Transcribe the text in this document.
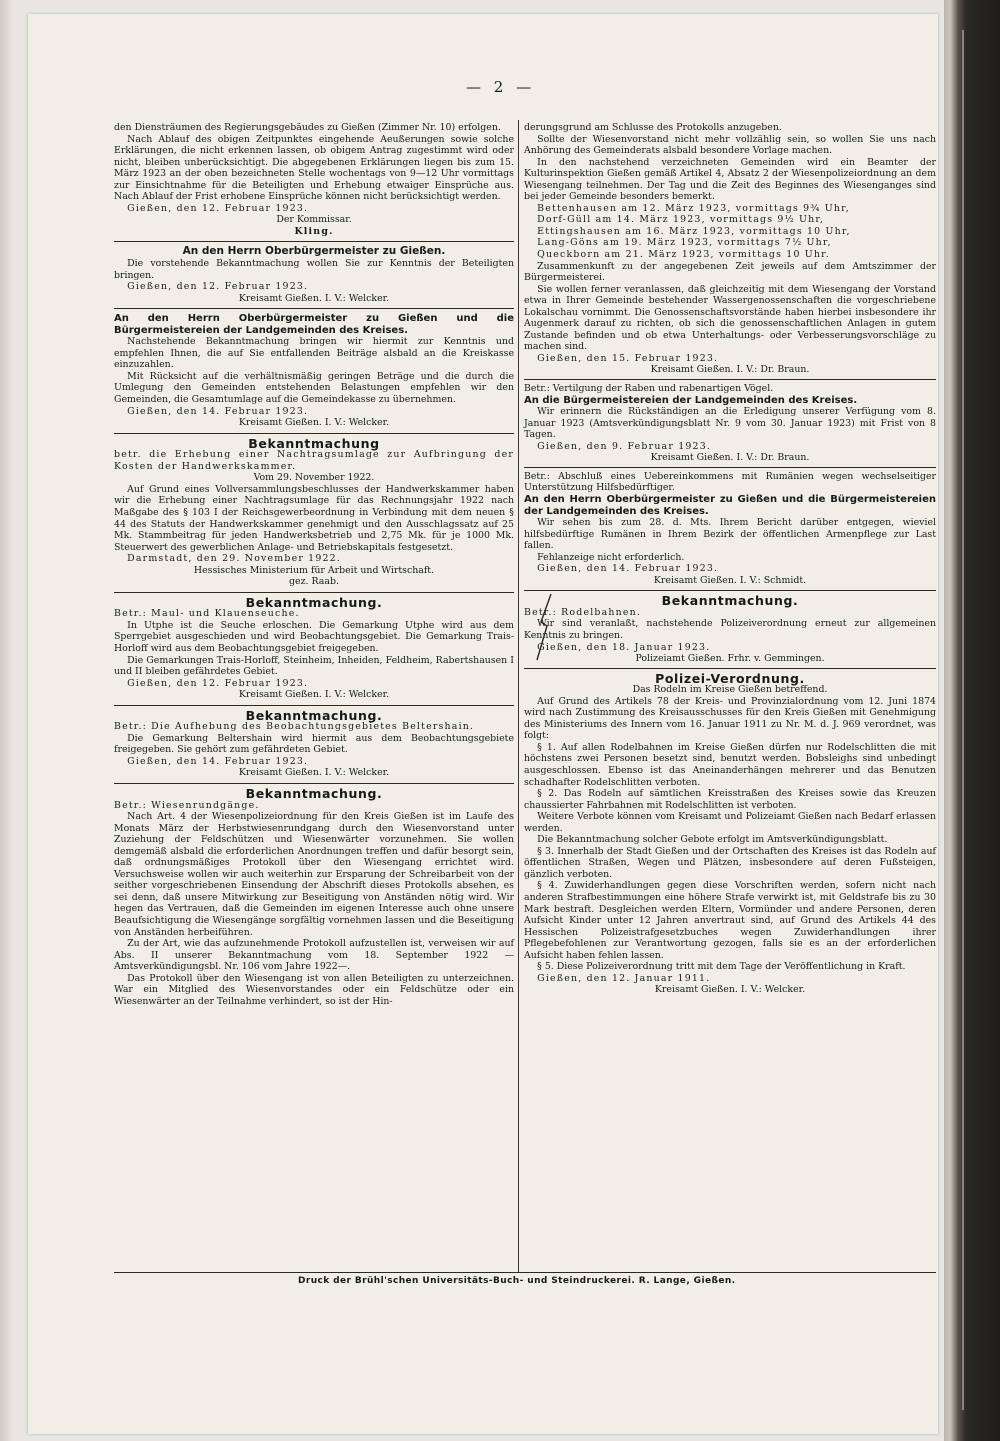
— 2 —

den Diensträumen des Regierungsgebäudes zu Gießen (Zimmer Nr. 10) erfolgen.

Nach Ablauf des obigen Zeitpunktes eingehende Aeußerungen sowie solche Erklärungen, die nicht erkennen lassen, ob obigem Antrag zugestimmt wird oder nicht, bleiben unberücksichtigt. Die abgegebenen Erklärungen liegen bis zum 15. März 1923 an der oben bezeichneten Stelle wochentags von 9—12 Uhr vormittags zur Einsichtnahme für die Beteiligten und Erhebung etwaiger Einsprüche aus. Nach Ablauf der Frist erhobene Einsprüche können nicht berücksichtigt werden.

Gießen, den 12. Februar 1923.

Der Kommissar.

Kling.

An den Herrn Oberbürgermeister zu Gießen.

Die vorstehende Bekanntmachung wollen Sie zur Kenntnis der Beteiligten bringen.

Gießen, den 12. Februar 1923.

Kreisamt Gießen. I. V.: Welcker.

An den Herrn Oberbürgermeister zu Gießen und die Bürgermeistereien der Landgemeinden des Kreises.

Nachstehende Bekanntmachung bringen wir hiermit zur Kenntnis und empfehlen Ihnen, die auf Sie entfallenden Beiträge alsbald an die Kreiskasse einzuzahlen.

Mit Rücksicht auf die verhältnismäßig geringen Beträge und die durch die Umlegung den Gemeinden entstehenden Belastungen empfehlen wir den Gemeinden, die Gesamtumlage auf die Gemeindekasse zu übernehmen.

Gießen, den 14. Februar 1923.

Kreisamt Gießen. I. V.: Welcker.

Bekanntmachung

betr. die Erhebung einer Nachtragsumlage zur Aufbringung der Kosten der Handwerkskammer.

Vom 29. November 1922.

Auf Grund eines Vollversammlungsbeschlusses der Handwerkskammer haben wir die Erhebung einer Nachtragsumlage für das Rechnungsjahr 1922 nach Maßgabe des § 103 I der Reichsgewerbeordnung in Verbindung mit dem neuen § 44 des Statuts der Handwerkskammer genehmigt und den Ausschlagssatz auf 25 Mk. Stammbeitrag für jeden Handwerksbetrieb und 2,75 Mk. für je 1000 Mk. Steuerwert des gewerblichen Anlage- und Betriebskapitals festgesetzt.

Darmstadt, den 29. November 1922.

Hessisches Ministerium für Arbeit und Wirtschaft.

gez. Raab.

Bekanntmachung.

Betr.: Maul- und Klauenseuche.

In Utphe ist die Seuche erloschen. Die Gemarkung Utphe wird aus dem Sperrgebiet ausgeschieden und wird Beobachtungsgebiet. Die Gemarkung Trais-Horloff wird aus dem Beobachtungsgebiet freigegeben.

Die Gemarkungen Trais-Horloff, Steinheim, Inheiden, Feldheim, Rabertshausen I und II bleiben gefährdetes Gebiet.

Gießen, den 12. Februar 1923.

Kreisamt Gießen. I. V.: Welcker.

Bekanntmachung.

Betr.: Die Aufhebung des Beobachtungsgebietes Beltershain.

Die Gemarkung Beltershain wird hiermit aus dem Beobachtungsgebiete freigegeben. Sie gehört zum gefährdeten Gebiet.

Gießen, den 14. Februar 1923.

Kreisamt Gießen. I. V.: Welcker.

Bekanntmachung.

Betr.: Wiesenrundgänge.

Nach Art. 4 der Wiesenpolizeiordnung für den Kreis Gießen ist im Laufe des Monats März der Herbstwiesenrundgang durch den Wiesenvorstand unter Zuziehung der Feldschützen und Wiesenwärter vorzunehmen. Sie wollen demgemäß alsbald die erforderlichen Anordnungen treffen und dafür besorgt sein, daß ordnungsmäßiges Protokoll über den Wiesengang errichtet wird. Versuchsweise wollen wir auch weiterhin zur Ersparung der Schreibarbeit von der seither vorgeschriebenen Einsendung der Abschrift dieses Protokolls absehen, es sei denn, daß unsere Mitwirkung zur Beseitigung von Anständen nötig wird. Wir hegen das Vertrauen, daß die Gemeinden im eigenen Interesse auch ohne unsere Beaufsichtigung die Wiesengänge sorgfältig vornehmen lassen und die Beseitigung von Anständen herbeiführen.

Zu der Art, wie das aufzunehmende Protokoll aufzustellen ist, verweisen wir auf Abs. II unserer Bekanntmachung vom 18. September 1922 — Amtsverkündigungsbl. Nr. 106 vom Jahre 1922—.

Das Protokoll über den Wiesengang ist von allen Beteiligten zu unterzeichnen. War ein Mitglied des Wiesenvorstandes oder ein Feldschütze oder ein Wiesenwärter an der Teilnahme verhindert, so ist der Hin-

derungsgrund am Schlusse des Protokolls anzugeben.

Sollte der Wiesenvorstand nicht mehr vollzählig sein, so wollen Sie uns nach Anhörung des Gemeinderats alsbald besondere Vorlage machen.

In den nachstehend verzeichneten Gemeinden wird ein Beamter der Kulturinspektion Gießen gemäß Artikel 4, Absatz 2 der Wiesenpolizeiordnung an dem Wiesengang teilnehmen. Der Tag und die Zeit des Beginnes des Wiesenganges sind bei jeder Gemeinde besonders bemerkt.

Bettenhausen am 12. März 1923, vormittags 9¾ Uhr,

Dorf-Güll am 14. März 1923, vormittags 9½ Uhr,

Ettingshausen am 16. März 1923, vormittags 10 Uhr,

Lang-Göns am 19. März 1923, vormittags 7½ Uhr,

Queckborn am 21. März 1923, vormittags 10 Uhr.

Zusammenkunft zu der angegebenen Zeit jeweils auf dem Amtszimmer der Bürgermeisterei.

Sie wollen ferner veranlassen, daß gleichzeitig mit dem Wiesengang der Vorstand etwa in Ihrer Gemeinde bestehender Wassergenossenschaften die vorgeschriebene Lokalschau vornimmt. Die Genossenschaftsvorstände haben hierbei insbesondere ihr Augenmerk darauf zu richten, ob sich die genossenschaftlichen Anlagen in gutem Zustande befinden und ob etwa Unterhaltungs- oder Verbesserungsvorschläge zu machen sind.

Gießen, den 15. Februar 1923.

Kreisamt Gießen. I. V.: Dr. Braun.

Betr.: Vertilgung der Raben und rabenartigen Vögel.

An die Bürgermeistereien der Landgemeinden des Kreises.

Wir erinnern die Rückständigen an die Erledigung unserer Verfügung vom 8. Januar 1923 (Amtsverkündigungsblatt Nr. 9 vom 30. Januar 1923) mit Frist von 8 Tagen.

Gießen, den 9. Februar 1923.

Kreisamt Gießen. I. V.: Dr. Braun.

Betr.: Abschluß eines Uebereinkommens mit Rumänien wegen wechselseitiger Unterstützung Hilfsbedürftiger.

An den Herrn Oberbürgermeister zu Gießen und die Bürgermeistereien der Landgemeinden des Kreises.

Wir sehen bis zum 28. d. Mts. Ihrem Bericht darüber entgegen, wieviel hilfsbedürftige Rumänen in Ihrem Bezirk der öffentlichen Armenpflege zur Last fallen.

Fehlanzeige nicht erforderlich.

Gießen, den 14. Februar 1923.

Kreisamt Gießen. I. V.: Schmidt.

Bekanntmachung.

Betr.: Rodelbahnen.

Wir sind veranlaßt, nachstehende Polizeiverordnung erneut zur allgemeinen Kenntnis zu bringen.

Gießen, den 18. Januar 1923.

Polizeiamt Gießen. Frhr. v. Gemmingen.

Polizei-Verordnung.

Das Rodeln im Kreise Gießen betreffend.

Auf Grund des Artikels 78 der Kreis- und Provinzialordnung vom 12. Juni 1874 wird nach Zustimmung des Kreisausschusses für den Kreis Gießen mit Genehmigung des Ministeriums des Innern vom 16. Januar 1911 zu Nr. M. d. J. 969 verordnet, was folgt:

§ 1. Auf allen Rodelbahnen im Kreise Gießen dürfen nur Rodelschlitten die mit höchstens zwei Personen besetzt sind, benutzt werden. Bobsleighs sind unbedingt ausgeschlossen. Ebenso ist das Aneinanderhängen mehrerer und das Benutzen schadhafter Rodelschlitten verboten.

§ 2. Das Rodeln auf sämtlichen Kreisstraßen des Kreises sowie das Kreuzen chaussierter Fahrbahnen mit Rodelschlitten ist verboten.

Weitere Verbote können vom Kreisamt und Polizeiamt Gießen nach Bedarf erlassen werden.

Die Bekanntmachung solcher Gebote erfolgt im Amtsverkündigungsblatt.

§ 3. Innerhalb der Stadt Gießen und der Ortschaften des Kreises ist das Rodeln auf öffentlichen Straßen, Wegen und Plätzen, insbesondere auf deren Fußsteigen, gänzlich verboten.

§ 4. Zuwiderhandlungen gegen diese Vorschriften werden, sofern nicht nach anderen Strafbestimmungen eine höhere Strafe verwirkt ist, mit Geldstrafe bis zu 30 Mark bestraft. Desgleichen werden Eltern, Vormünder und andere Personen, deren Aufsicht Kinder unter 12 Jahren anvertraut sind, auf Grund des Artikels 44 des Hessischen Polizeistrafgesetzbuches wegen Zuwiderhandlungen ihrer Pflegebefohlenen zur Verantwortung gezogen, falls sie es an der erforderlichen Aufsicht haben fehlen lassen.

§ 5. Diese Polizeiverordnung tritt mit dem Tage der Veröffentlichung in Kraft.

Gießen, den 12. Januar 1911.

Kreisamt Gießen. I. V.: Welcker.

Druck der Brühl'schen Universitäts-Buch- und Steindruckerei. R. Lange, Gießen.
